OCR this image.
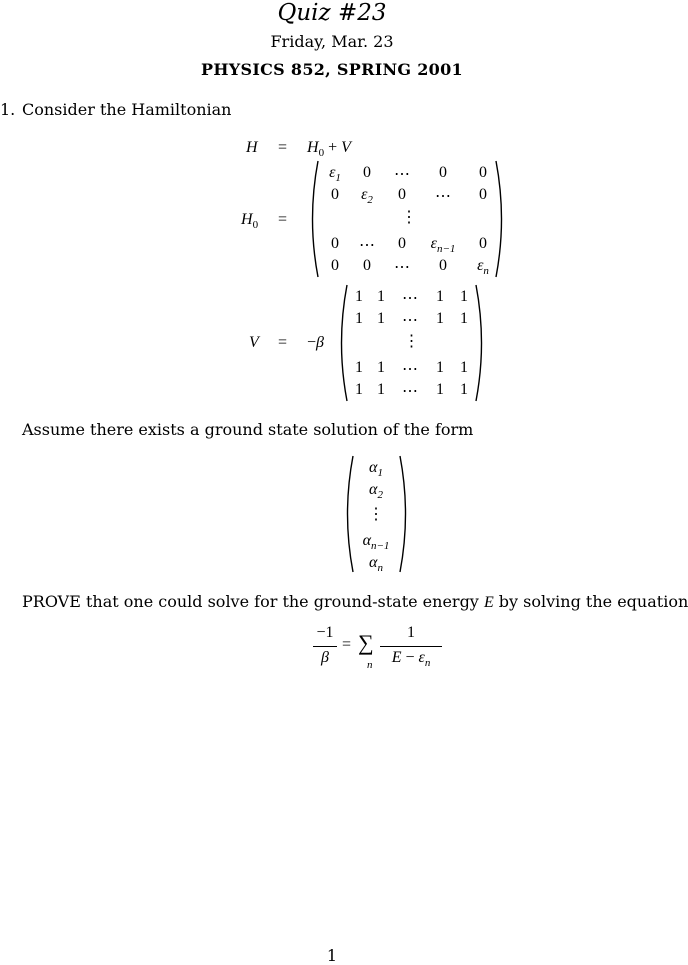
Quiz #23
Friday, Mar. 23
PHYSICS 852, SPRING 2001
1. Consider the Hamiltonian
$H = H_0 + V$
$H_0$ =
$\varepsilon_1$ 0 ⋯ 0 0
0 $\varepsilon_2$ 0 ⋯ 0
⋮
0 ⋯ 0 $\varepsilon_{n-1}$ 0
0 0 ⋯ 0 $\varepsilon_n$
V = −β
1 1 ⋯ 1 1
1 1 ⋯ 1 1
⋮
1 1 ⋯ 1 1
1 1 ⋯ 1 1
Assume there exists a ground state solution of the form
$\alpha_1$
$\alpha_2$
⋮
$\alpha_{n-1}$
$\alpha_n$
PROVE that one could solve for the ground-state energy E by solving the equation
−1
β
= ∑
n
1
$E - \varepsilon_n$
1
